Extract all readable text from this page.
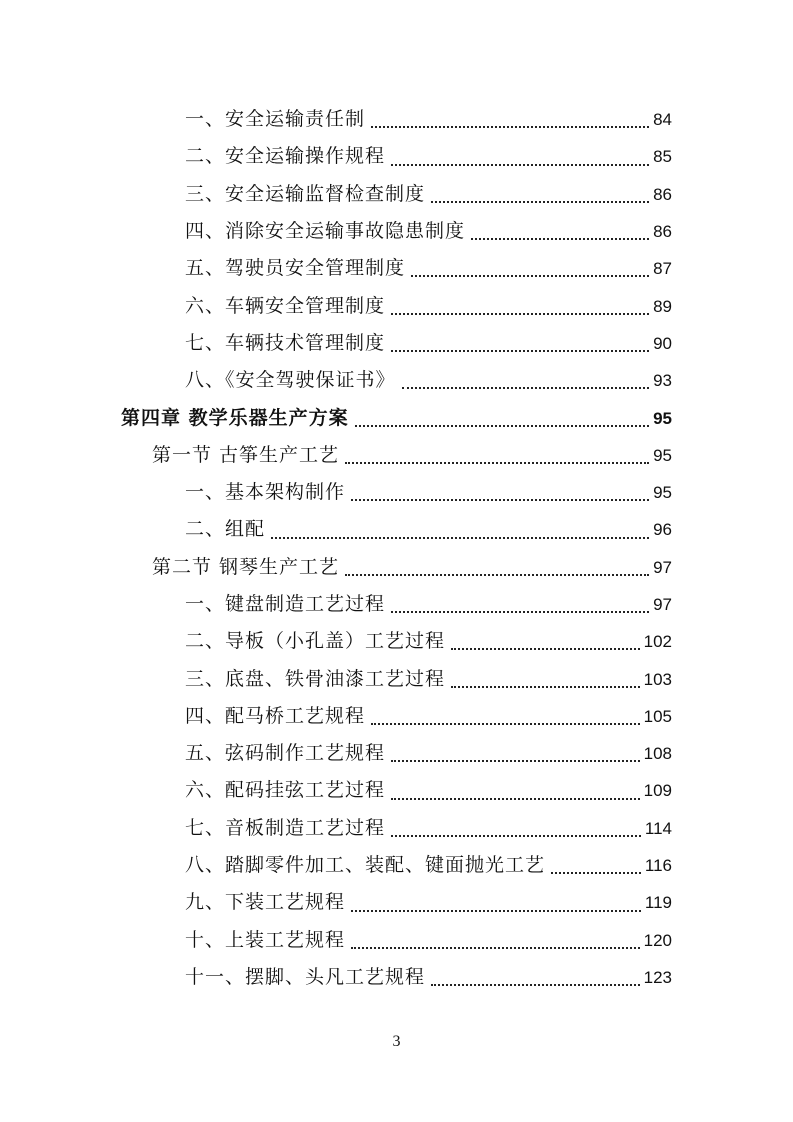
一、安全运输责任制	84
二、安全运输操作规程	85
三、安全运输监督检查制度	86
四、消除安全运输事故隐患制度	86
五、驾驶员安全管理制度	87
六、车辆安全管理制度	89
七、车辆技术管理制度	90
八、《安全驾驶保证书》	93
第四章 教学乐器生产方案	95
第一节 古筝生产工艺	95
一、基本架构制作	95
二、组配	96
第二节 钢琴生产工艺	97
一、键盘制造工艺过程	97
二、导板（小孔盖）工艺过程	102
三、底盘、铁骨油漆工艺过程	103
四、配马桥工艺规程	105
五、弦码制作工艺规程	108
六、配码挂弦工艺过程	109
七、音板制造工艺过程	114
八、踏脚零件加工、装配、键面抛光工艺	116
九、下装工艺规程	119
十、上装工艺规程	120
十一、摆脚、头凡工艺规程	123
3
